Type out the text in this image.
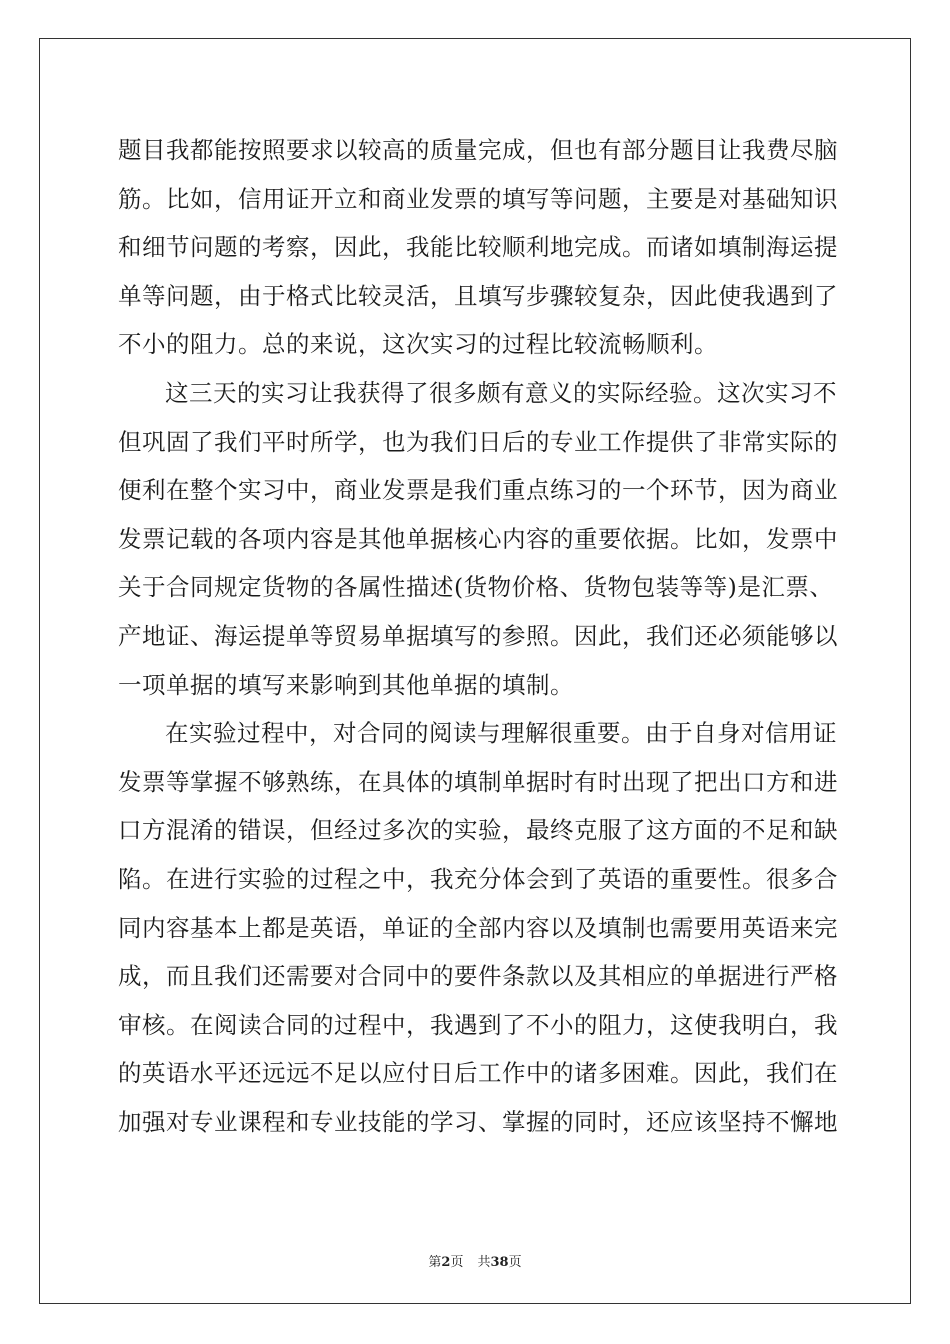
题目我都能按照要求以较高的质量完成，但也有部分题目让我费尽脑
筋。比如，信用证开立和商业发票的填写等问题，主要是对基础知识
和细节问题的考察，因此，我能比较顺利地完成。而诸如填制海运提
单等问题，由于格式比较灵活，且填写步骤较复杂，因此使我遇到了
不小的阻力。总的来说，这次实习的过程比较流畅顺利。
这三天的实习让我获得了很多颇有意义的实际经验。这次实习不
但巩固了我们平时所学，也为我们日后的专业工作提供了非常实际的
便利在整个实习中，商业发票是我们重点练习的一个环节，因为商业
发票记载的各项内容是其他单据核心内容的重要依据。比如，发票中
关于合同规定货物的各属性描述(货物价格、货物包装等等)是汇票、
产地证、海运提单等贸易单据填写的参照。因此，我们还必须能够以
一项单据的填写来影响到其他单据的填制。
在实验过程中，对合同的阅读与理解很重要。由于自身对信用证
发票等掌握不够熟练，在具体的填制单据时有时出现了把出口方和进
口方混淆的错误，但经过多次的实验，最终克服了这方面的不足和缺
陷。在进行实验的过程之中，我充分体会到了英语的重要性。很多合
同内容基本上都是英语，单证的全部内容以及填制也需要用英语来完
成，而且我们还需要对合同中的要件条款以及其相应的单据进行严格
审核。在阅读合同的过程中，我遇到了不小的阻力，这使我明白，我
的英语水平还远远不足以应付日后工作中的诸多困难。因此，我们在
加强对专业课程和专业技能的学习、掌握的同时，还应该坚持不懈地
第2页 共38页
